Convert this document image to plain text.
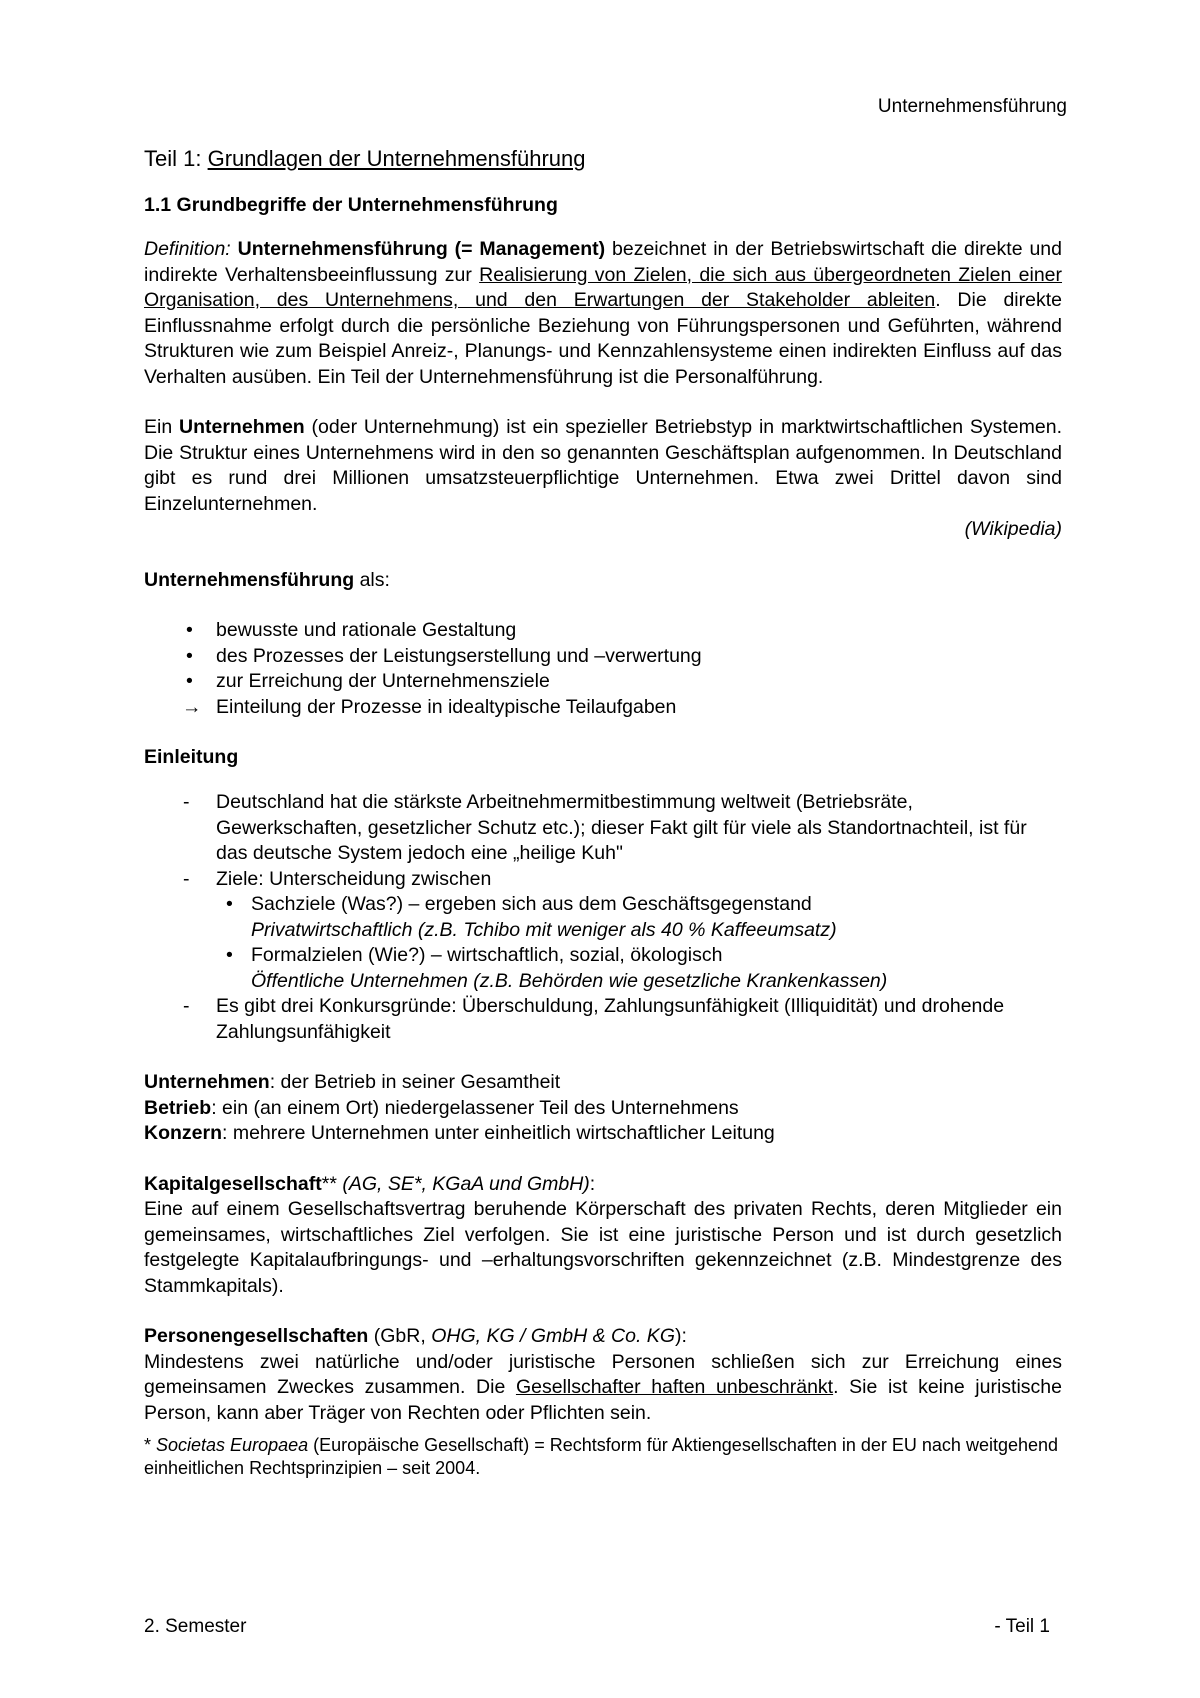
Unternehmensführung
Teil 1: Grundlagen der Unternehmensführung
1.1 Grundbegriffe der Unternehmensführung

Definition: Unternehmensführung (= Management) bezeichnet in der Betriebswirtschaft die direkte und indirekte Verhaltensbeeinflussung zur Realisierung von Zielen, die sich aus übergeordneten Zielen einer Organisation, des Unternehmens, und den Erwartungen der Stakeholder ableiten. Die direkte Einflussnahme erfolgt durch die persönliche Beziehung von Führungspersonen und Geführten, während Strukturen wie zum Beispiel Anreiz-, Planungs- und Kennzahlensysteme einen indirekten Einfluss auf das Verhalten ausüben. Ein Teil der Unternehmensführung ist die Personalführung.

Ein Unternehmen (oder Unternehmung) ist ein spezieller Betriebstyp in marktwirtschaftlichen Systemen. Die Struktur eines Unternehmens wird in den so genannten Geschäftsplan aufgenommen. In Deutschland gibt es rund drei Millionen umsatzsteuerpflichtige Unternehmen. Etwa zwei Drittel davon sind Einzelunternehmen.

(Wikipedia)

Unternehmensführung als:

• bewusste und rationale Gestaltung
• des Prozesses der Leistungserstellung und –verwertung
• zur Erreichung der Unternehmensziele

→ Einteilung der Prozesse in idealtypische Teilaufgaben

Einleitung
- Deutschland hat die stärkste Arbeitnehmermitbestimmung weltweit (Betriebsräte, Gewerkschaften, gesetzlicher Schutz etc.); dieser Fakt gilt für viele als Standortnachteil, ist für das deutsche System jedoch eine „heilige Kuh"
- Ziele: Unterscheidung zwischen
• Sachziele (Was?) – ergeben sich aus dem Geschäftsgegenstand
Privatwirtschaftlich (z.B. Tchibo mit weniger als 40 % Kaffeeumsatz)
• Formalzielen (Wie?) – wirtschaftlich, sozial, ökologisch
Öffentliche Unternehmen (z.B. Behörden wie gesetzliche Krankenkassen)
- Es gibt drei Konkursgründe: Überschuldung, Zahlungsunfähigkeit (Illiquidität) und drohende Zahlungsunfähigkeit

Unternehmen: der Betrieb in seiner Gesamtheit

Betrieb: ein (an einem Ort) niedergelassener Teil des Unternehmens

Konzern: mehrere Unternehmen unter einheitlich wirtschaftlicher Leitung

Kapitalgesellschaft** (AG, SE*, KGaA und GmbH):

Eine auf einem Gesellschaftsvertrag beruhende Körperschaft des privaten Rechts, deren Mitglieder ein gemeinsames, wirtschaftliches Ziel verfolgen. Sie ist eine juristische Person und ist durch gesetzlich festgelegte Kapitalaufbringungs- und –erhaltungsvorschriften gekennzeichnet (z.B. Mindestgrenze des Stammkapitals).

Personengesellschaften (GbR, OHG, KG / GmbH & Co. KG):

Mindestens zwei natürliche und/oder juristische Personen schließen sich zur Erreichung eines gemeinsamen Zweckes zusammen. Die Gesellschafter haften unbeschränkt. Sie ist keine juristische Person, kann aber Träger von Rechten oder Pflichten sein.

* Societas Europaea (Europäische Gesellschaft) = Rechtsform für Aktiengesellschaften in der EU nach weitgehend einheitlichen Rechtsprinzipien – seit 2004.

2. Semester	- Teil 1
